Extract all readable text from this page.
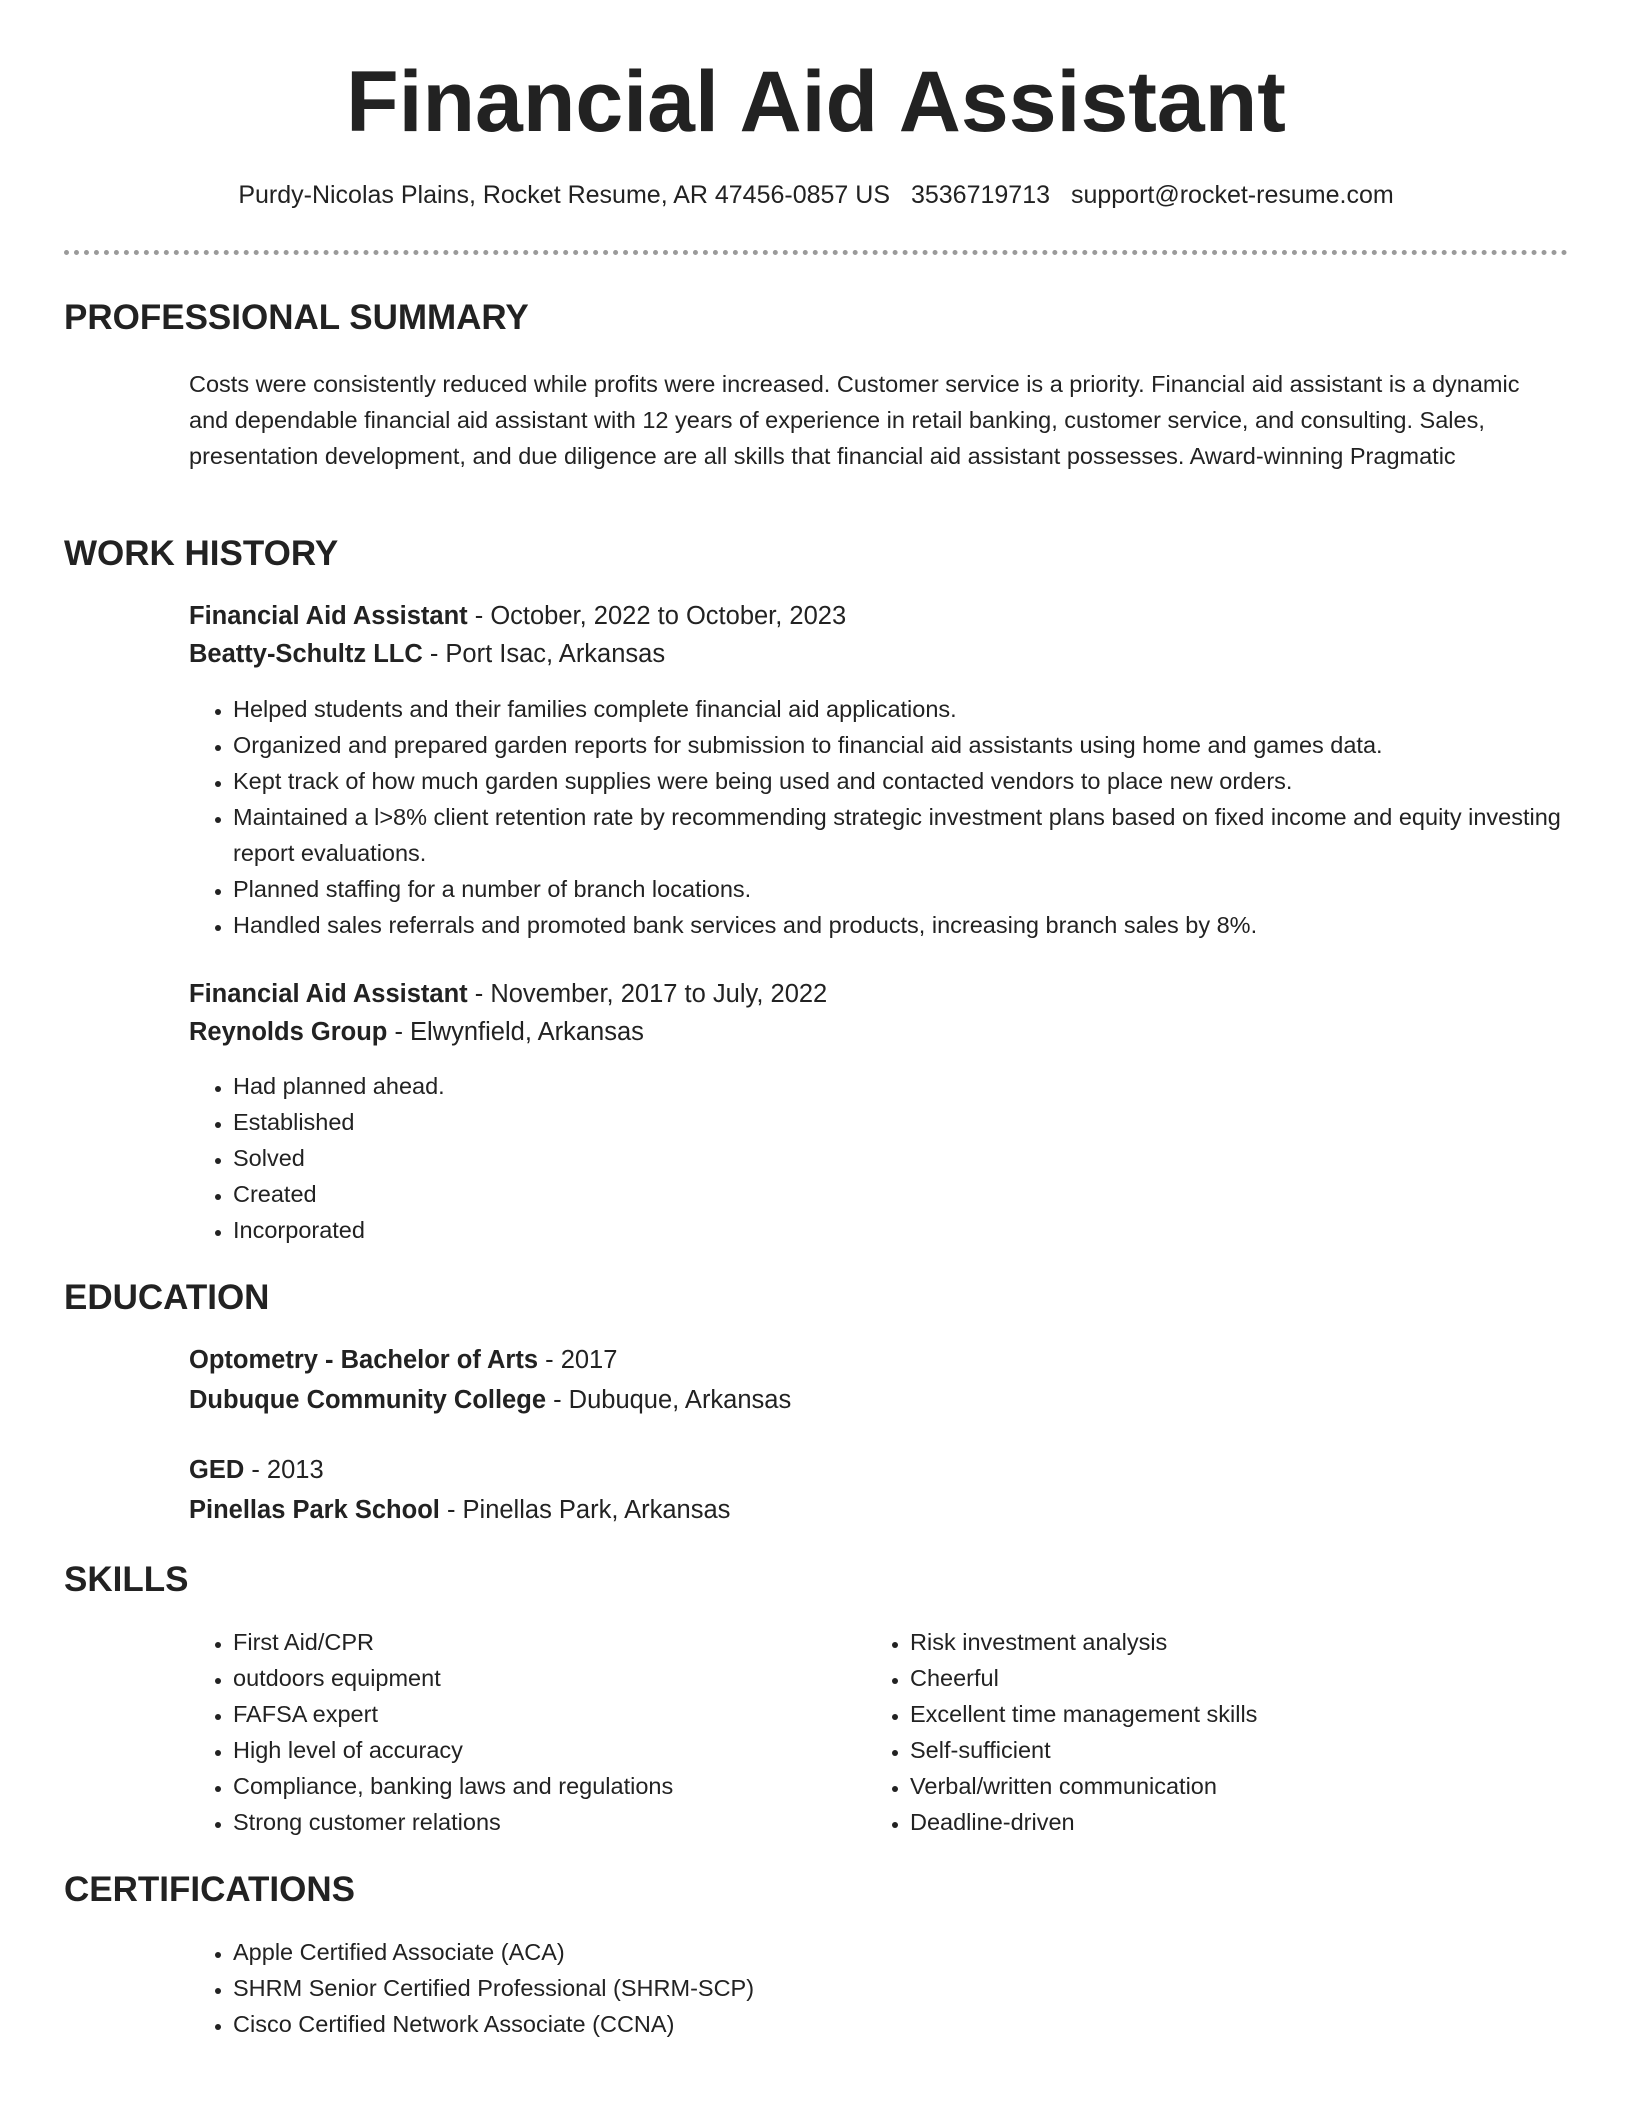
Financial Aid Assistant
Purdy-Nicolas Plains, Rocket Resume, AR 47456-0857 US 3536719713 support@rocket-resume.com
PROFESSIONAL SUMMARY

Costs were consistently reduced while profits were increased. Customer service is a priority. Financial aid assistant is a dynamic and dependable financial aid assistant with 12 years of experience in retail banking, customer service, and consulting. Sales, presentation development, and due diligence are all skills that financial aid assistant possesses. Award-winning Pragmatic

WORK HISTORY
Financial Aid Assistant - October, 2022 to October, 2023
Beatty-Schultz LLC - Port Isac, Arkansas
• Helped students and their families complete financial aid applications.
• Organized and prepared garden reports for submission to financial aid assistants using home and games data.
• Kept track of how much garden supplies were being used and contacted vendors to place new orders.
• Maintained a l>8% client retention rate by recommending strategic investment plans based on fixed income and equity investing report evaluations.
• Planned staffing for a number of branch locations.
• Handled sales referrals and promoted bank services and products, increasing branch sales by 8%.
Financial Aid Assistant - November, 2017 to July, 2022
Reynolds Group - Elwynfield, Arkansas
• Had planned ahead.
• Established
• Solved
• Created
• Incorporated
EDUCATION
Optometry - Bachelor of Arts - 2017
Dubuque Community College - Dubuque, Arkansas
GED - 2013
Pinellas Park School - Pinellas Park, Arkansas
SKILLS
• First Aid/CPR
• outdoors equipment
• FAFSA expert
• High level of accuracy
• Compliance, banking laws and regulations
• Strong customer relations
• Risk investment analysis
• Cheerful
• Excellent time management skills
• Self-sufficient
• Verbal/written communication
• Deadline-driven
CERTIFICATIONS
• Apple Certified Associate (ACA)
• SHRM Senior Certified Professional (SHRM-SCP)
• Cisco Certified Network Associate (CCNA)
